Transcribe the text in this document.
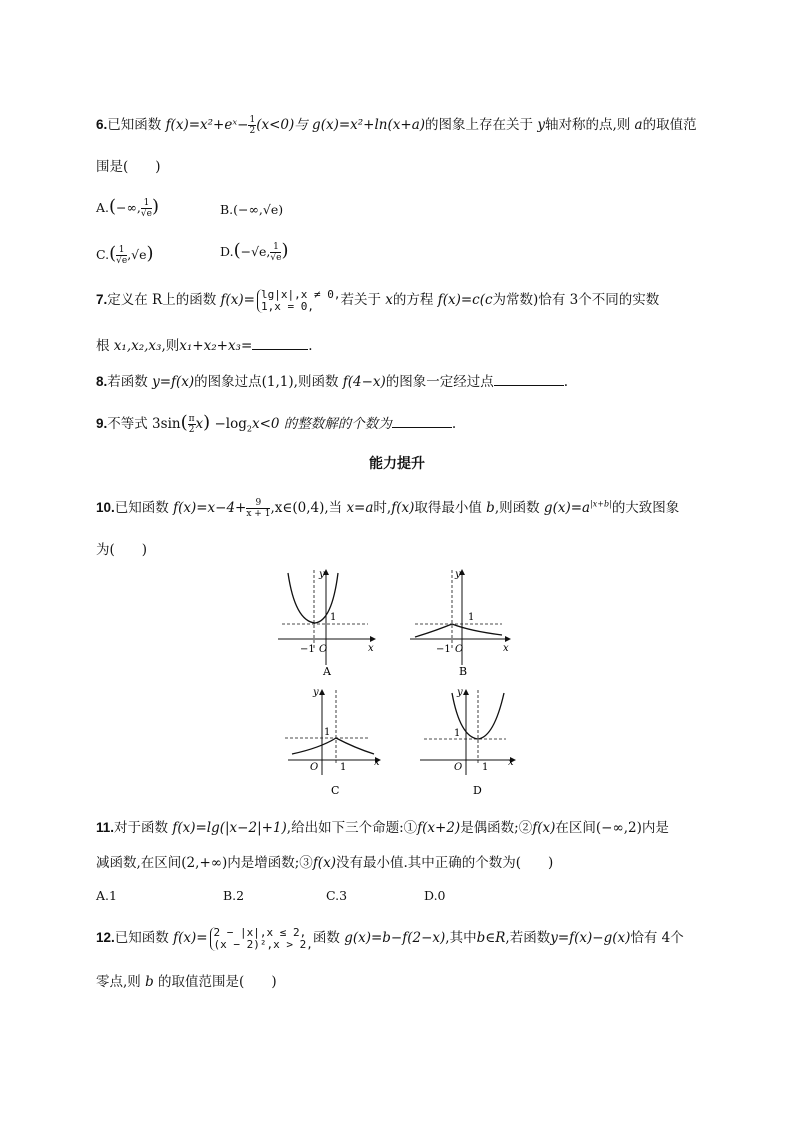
6.已知函数 f(x)=x²+eˣ− $\frac{1}{2} (x<0)$与 g(x)=x²+ln(x+a)的图象上存在关于 y轴对称的点,则 a的取值范
围是(　　)
A.(−∞, $\frac{1}{√e}$ )	B.(−∞,√e)
$C.( \frac{1}{√e} ,√e)$	D.(−√e, $\frac{1}{√e}$ )
7.定义在 R上的函数 f(x)= lg|x|,x ≠ 0,
1,x = 0,	若关于 x的方程 f(x)=c(c为常数)恰有 3个不同的实数
根 x₁,x₂,x₃,则x₁+x₂+x₃=	.
8.若函数 y=f(x)的图象过点(1,1),则函数 f(4−x)的图象一定经过点	.
9.不等式 $3\sin( \frac{\pi}{2} x) -\log_2x<0$ 的整数解的个数为	.
能力提升
10.已知函数 $f(x)=x-4+ \frac{9}{x + 1}$ ,x∈(0,4),当 x=a时,f(x)取得最小值 b,则函数 $g(x)=a^{|x+b|}$的大致图象
为(　　)
1
−1 O	x
y
A
1
−1 O	x
y
B
1
O 1	x
y
C
1
O 1 x
y
D
11.对于函数 f(x)=lg(|x−2|+1),给出如下三个命题:①f(x+2)是偶函数;②f(x)在区间(−∞,2)内是
减函数,在区间(2,+∞)内是增函数;③f(x)没有最小值.其中正确的个数为(　　)
A.1	B.2	C.3	D.0
12.已知函数 f(x)= 2 − |x|,x ≤ 2,
(x − 2)²,x > 2, 函数 g(x)=b−f(2−x),其中b∈R,若函数y=f(x)−g(x)恰有 4个
零点,则 b 的取值范围是(　　)
